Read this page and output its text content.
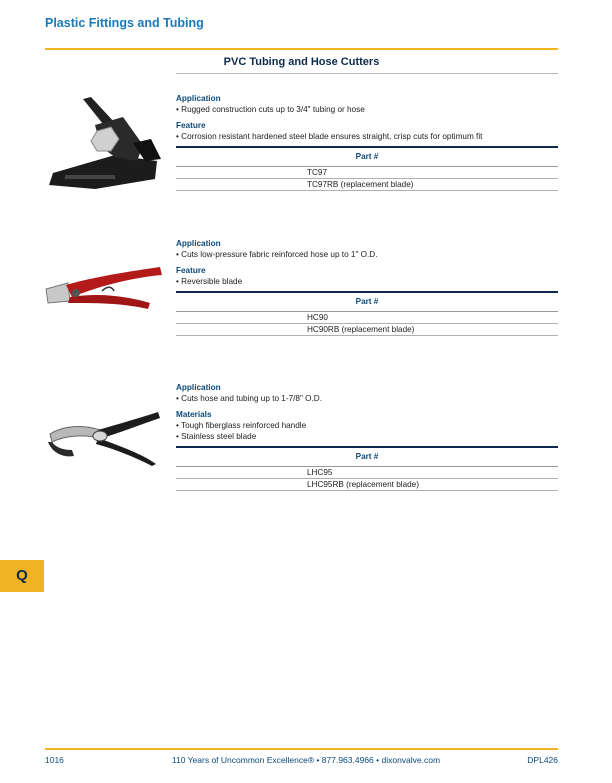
Plastic Fittings and Tubing
PVC Tubing and Hose Cutters
Application
• Rugged construction cuts up to 3/4" tubing or hose
Feature
• Corrosion resistant hardened steel blade ensures straight, crisp cuts for optimum fit
Part #
TC97
TC97RB (replacement blade)
Application
• Cuts low-pressure fabric reinforced hose up to 1" O.D.
Feature
• Reversible blade
Part #
HC90
HC90RB (replacement blade)
Application
• Cuts hose and tubing up to 1-7/8" O.D.
Materials
• Tough fiberglass reinforced handle
• Stainless steel blade
Part #
LHC95
LHC95RB (replacement blade)
Q
1016	110 Years of Uncommon Excellence® • 877.963.4966 • dixonvalve.com	DPL426
